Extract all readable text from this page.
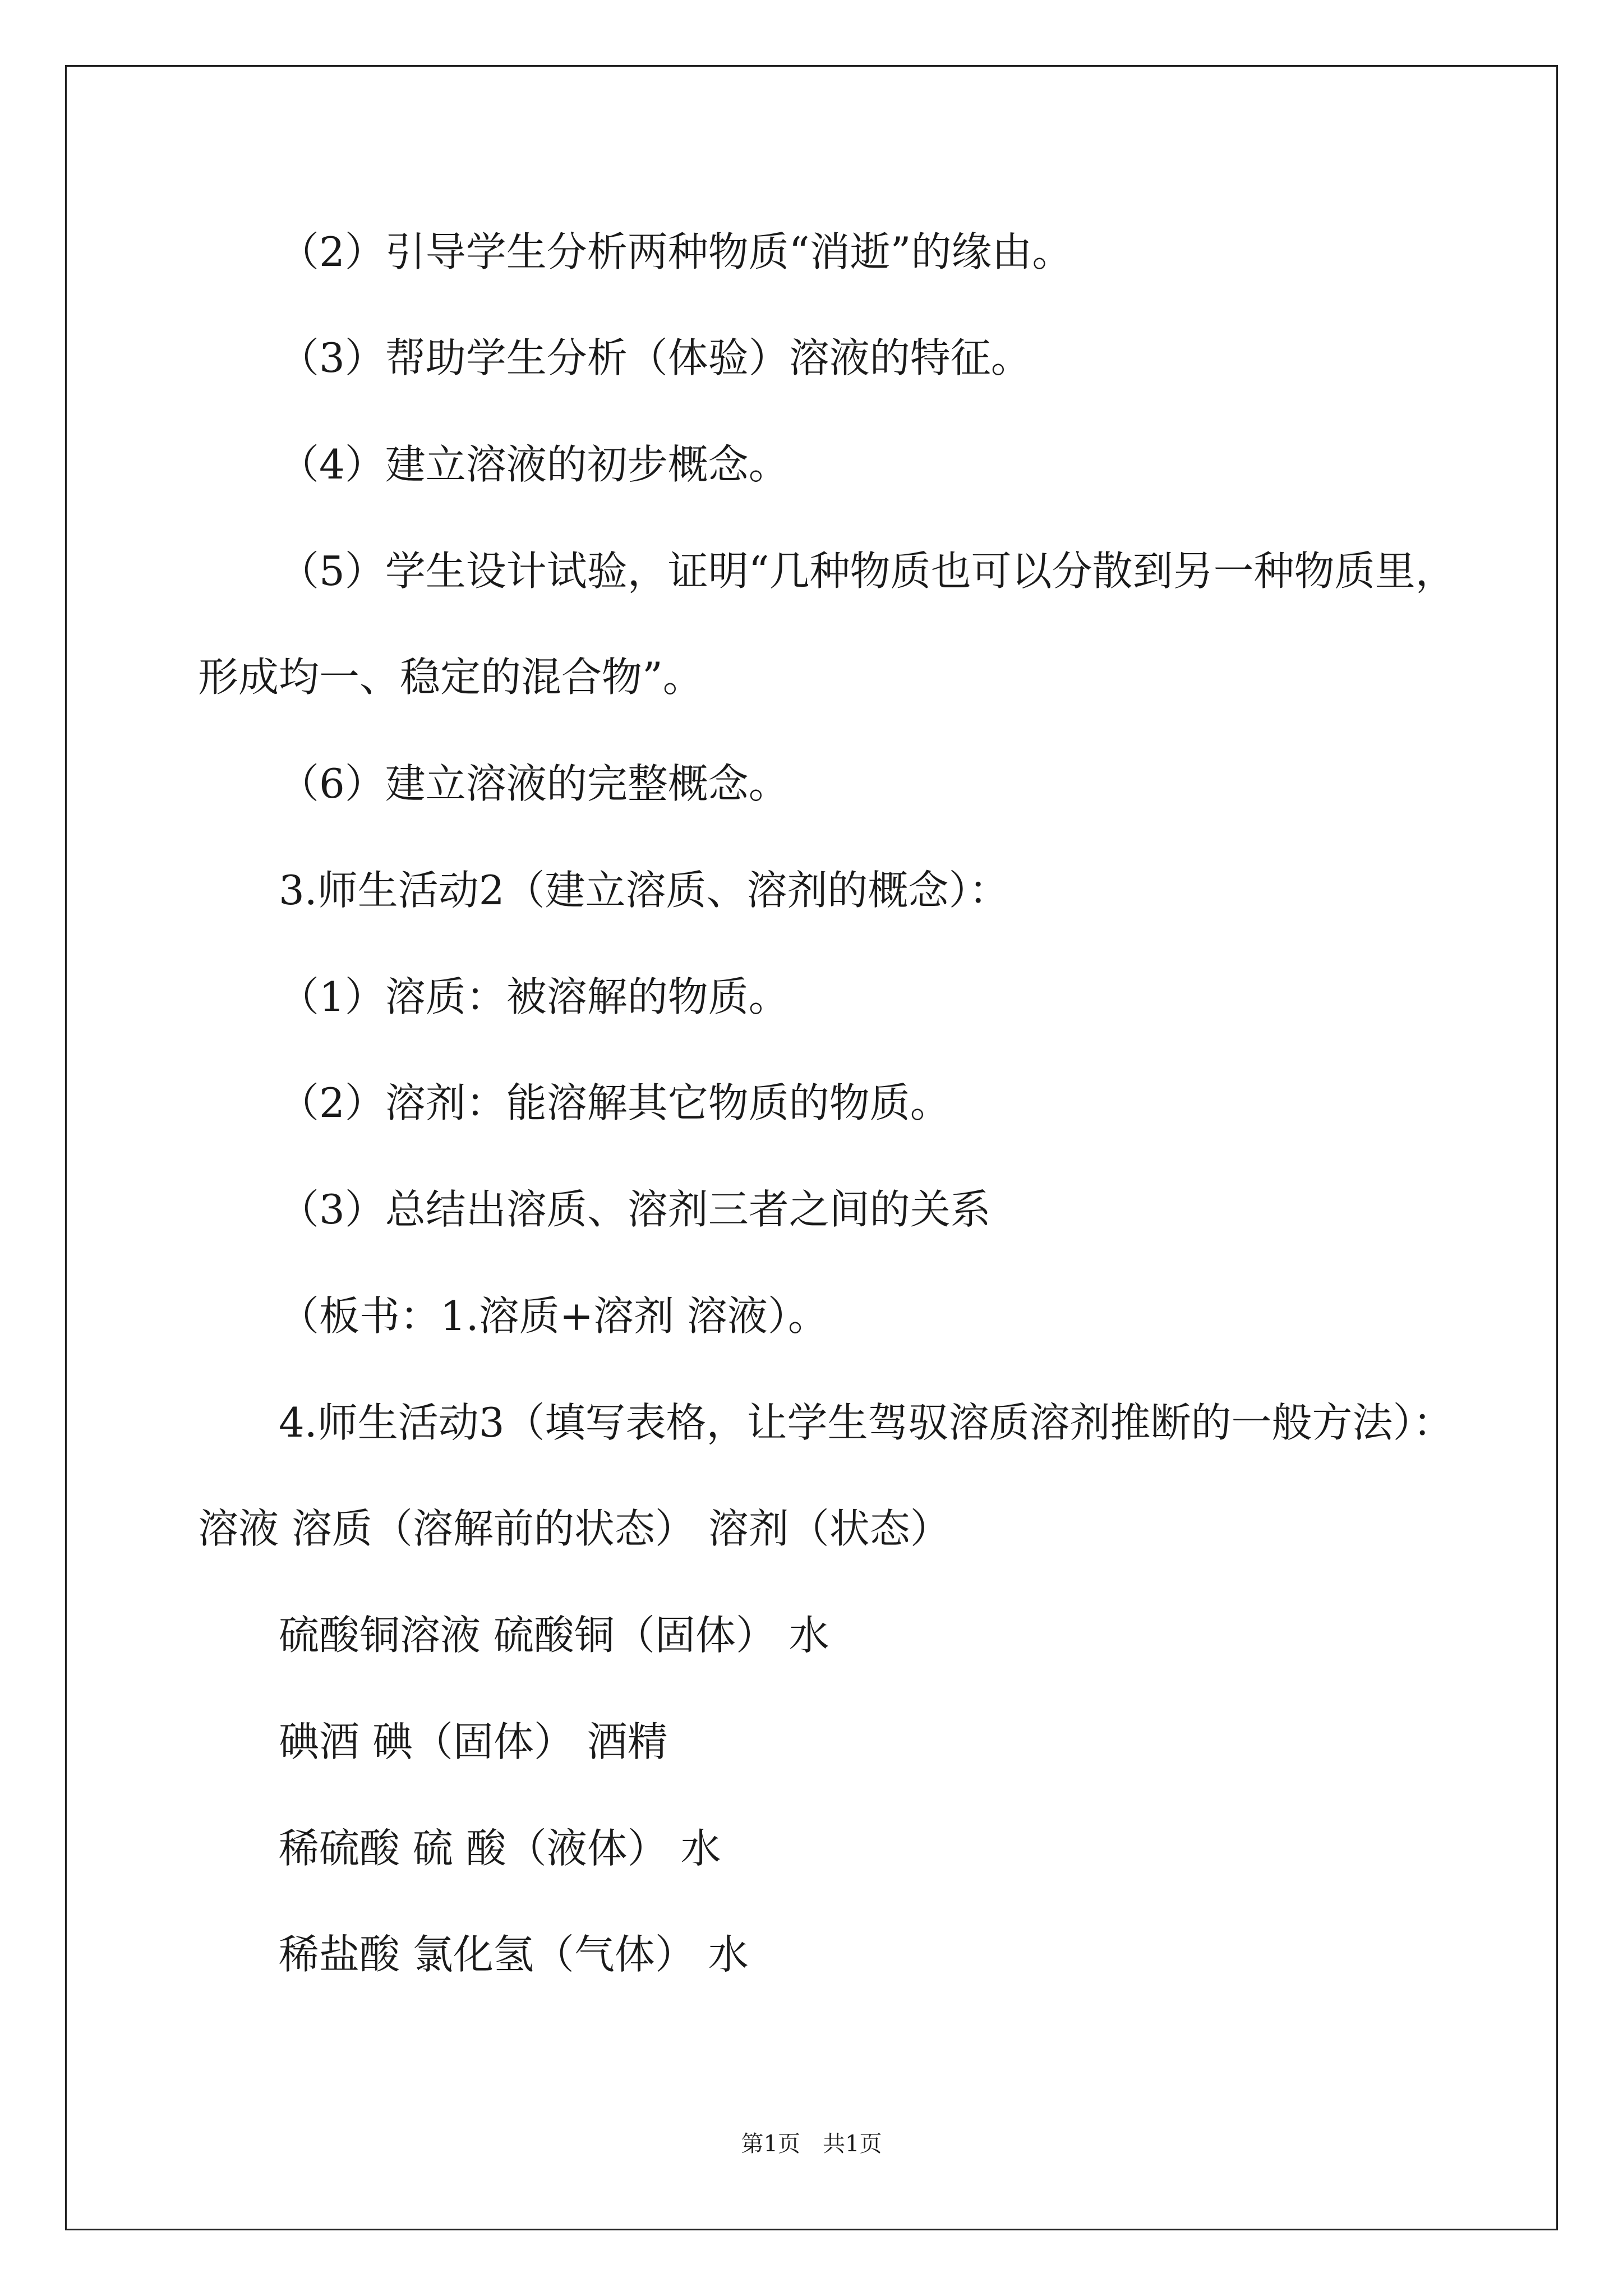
（2）引导学生分析两种物质“消逝”的缘由。
（3）帮助学生分析（体验）溶液的特征。
（4）建立溶液的初步概念。
（5）学生设计试验，证明“几种物质也可以分散到另一种物质里，
形成均一、稳定的混合物”。
（6）建立溶液的完整概念。
3.师生活动2（建立溶质、溶剂的概念）：
（1）溶质：被溶解的物质。
（2）溶剂：能溶解其它物质的物质。
（3）总结出溶质、溶剂三者之间的关系
（板书：1.溶质+溶剂 溶液）。
4.师生活动3（填写表格，让学生驾驭溶质溶剂推断的一般方法）：
溶液 溶质（溶解前的状态） 溶剂（状态）
硫酸铜溶液 硫酸铜（固体） 水
碘酒 碘（固体） 酒精
稀硫酸 硫 酸（液体） 水
稀盐酸 氯化氢（气体） 水
第1页　共1页
